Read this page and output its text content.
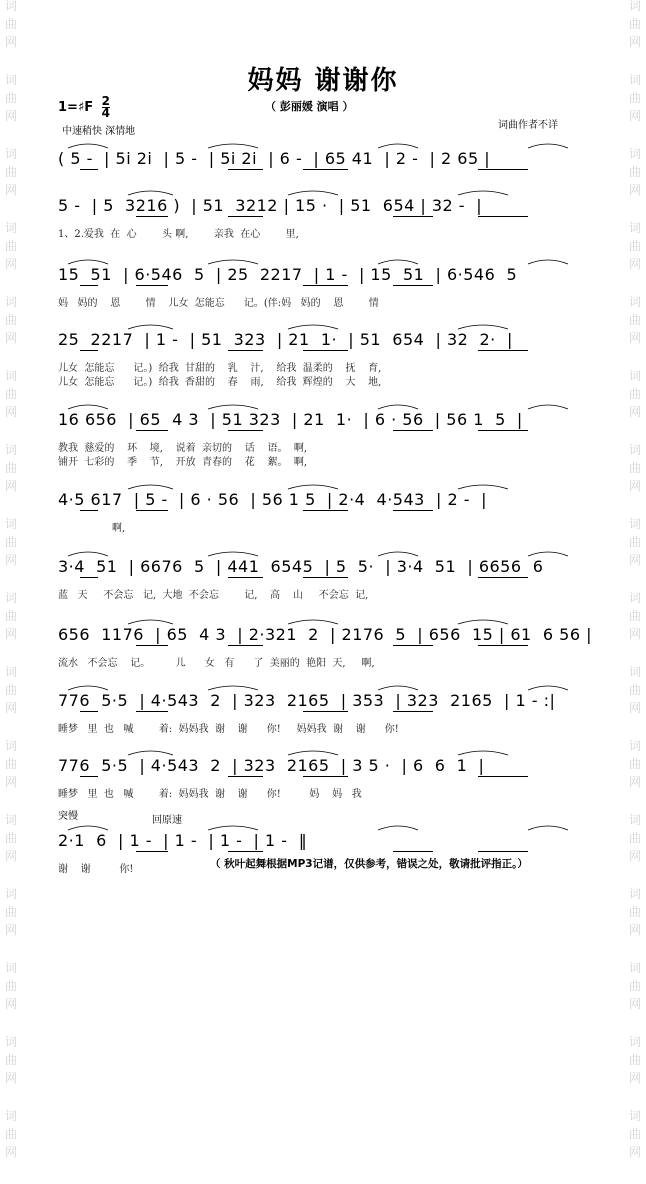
词
曲
网
词
曲
网
词
曲
网
词
曲
网
词
曲
网
词
曲
网
词
曲
网
词
曲
网
词
曲
网
词
曲
网
词
曲
网
词
曲
网
词
曲
网
词
曲
网
词
曲
网
词
曲
网
词
曲
网
词
曲
网
词
曲
网
词
曲
网
词
曲
网
词
曲
网
词
曲
网
词
曲
网
词
曲
网
词
曲
网
词
曲
网
词
曲
网
词
曲
网
词
曲
网
词
曲
网
词
曲
网
妈妈 谢谢你
（ 彭丽媛 演唱 ）
1=♯F $\frac{2}{4}$
中速稍快 深情地
词曲作者不详
( 5 -  | 5i 2i  | 5 -  | 5i 2i  | 6 -  | 65 41  | 2 -  | 2 65 |
5 -  | 5  3216 )  | 51  3212 | 15 ·  | 51  654 | 32 -  |
1、2.爱我  在  心        头 啊,        亲我  在心        里,
15  51  | 6·546  5  | 25  2217  | 1 -  | 15  51  | 6·546  5
妈   妈的    恩        情    儿女  怎能忘      记。(伴:妈   妈的    恩        情
25  2217  | 1 -  | 51  323  | 21  1·  | 51  654  | 32  2·  |
儿女  怎能忘      记。)  给我  甘甜的    乳    汁,    给我  温柔的    抚    育,
儿女  怎能忘      记。)  给我  香甜的    春    雨,    给我  辉煌的    大    地,
16 656  | 65  4 3  | 51 323  | 21  1·  | 6 · 56  | 56 1  5  |
教我  慈爱的    环    境,    说着  亲切的    话    语。  啊,
铺开  七彩的    季    节,    开放  青春的    花    絮。  啊,
4·5 617  | 5 -  | 6 · 56  | 56 1 5  | 2·4  4·543  | 2 -  |
啊,
3·4  51  | 6676  5  | 441  6545  | 5  5·  | 3·4  51  | 6656  6
蓝   天     不会忘   记,  大地  不会忘        记,    高    山     不会忘  记,
656  1176  | 65  4 3  | 2·321  2  | 2176  5  | 656  15 | 61  6 56 |
流水   不会忘    记。        儿      女   有      了  美丽的  艳阳  天,     啊,
776  5·5  | 4·543  2  | 323  2165  | 353  | 323  2165  | 1 - :|
睡梦   里  也   喊        着:  妈妈我  谢    谢      你!     妈妈我  谢    谢      你!
776  5·5  | 4·543  2  | 323  2165  | 3 5 ·  | 6  6  1  |
睡梦   里  也   喊        着:  妈妈我  谢    谢      你!         妈    妈   我
2·1  6  | 1 -  | 1 -  | 1 -  | 1 -  ‖
谢    谢         你!
突慢	回原速
（ 秋叶起舞根据MP3记谱，仅供参考，错误之处，敬请批评指正。）
